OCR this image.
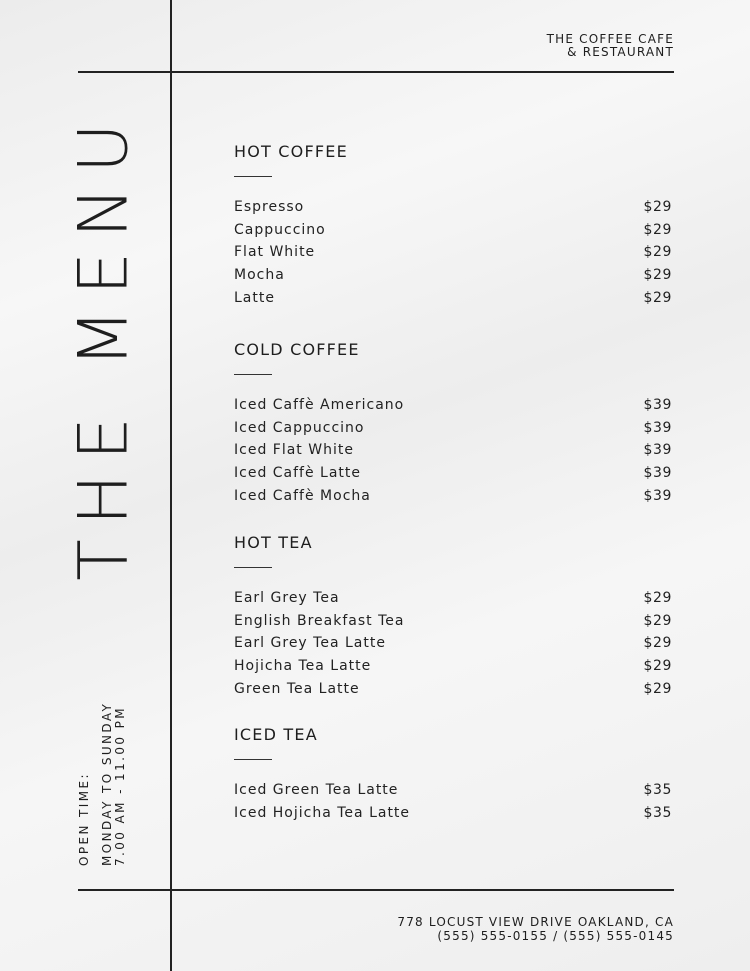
THE COFFEE CAFE
& RESTAURANT
THE MENU
OPEN TIME: MONDAY TO SUNDAY 7.00 AM - 11.00 PM
HOT COFFEE
Espresso	$29
Cappuccino	$29
Flat White	$29
Mocha	$29
Latte	$29
COLD COFFEE
Iced Caffè Americano	$39
Iced Cappuccino	$39
Iced Flat White	$39
Iced Caffè Latte	$39
Iced Caffè Mocha	$39
HOT TEA
Earl Grey Tea	$29
English Breakfast Tea	$29
Earl Grey Tea Latte	$29
Hojicha Tea Latte	$29
Green Tea Latte	$29
ICED TEA
Iced Green Tea Latte	$35
Iced Hojicha Tea Latte	$35
778 LOCUST VIEW DRIVE OAKLAND, CA
(555) 555-0155 / (555) 555-0145
